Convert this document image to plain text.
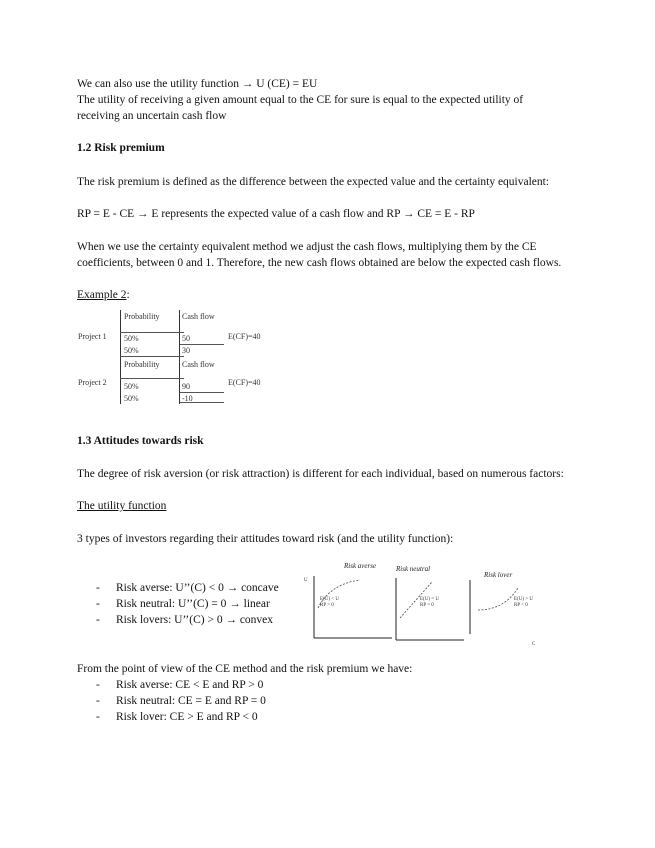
We can also use the utility function → U (CE) = EU
The utility of receiving a given amount equal to the CE for sure is equal to the expected utility of
receiving an uncertain cash flow
1.2 Risk premium
The risk premium is defined as the difference between the expected value and the certainty equivalent:
RP = E - CE → E represents the expected value of a cash flow and RP → CE = E - RP
When we use the certainty equivalent method we adjust the cash flows, multiplying them by the CE
coefficients, between 0 and 1. Therefore, the new cash flows obtained are below the expected cash flows.
Example 2:
Project 1
Probability	Cash flow
50%	50
50%	30
E(CF)=40
Project 2
Probability	Cash flow
50%	90
50%	-10
E(CF)=40
1.3 Attitudes towards risk
The degree of risk aversion (or risk attraction) is different for each individual, based on numerous factors:
The utility function
3 types of investors regarding their attitudes toward risk (and the utility function):
- Risk averse: U’’(C) < 0 → concave
- Risk neutral: U’’(C) = 0 → linear
- Risk lovers: U’’(C) > 0 → convex
Risk averse	Risk neutral
Risk lover
U
C
E(U) < U
RP > 0
E(U) = U
RP = 0
E(U) > U
RP < 0
From the point of view of the CE method and the risk premium we have:
- Risk averse: CE < E and RP > 0
- Risk neutral: CE = E and RP = 0
- Risk lover: CE > E and RP < 0
